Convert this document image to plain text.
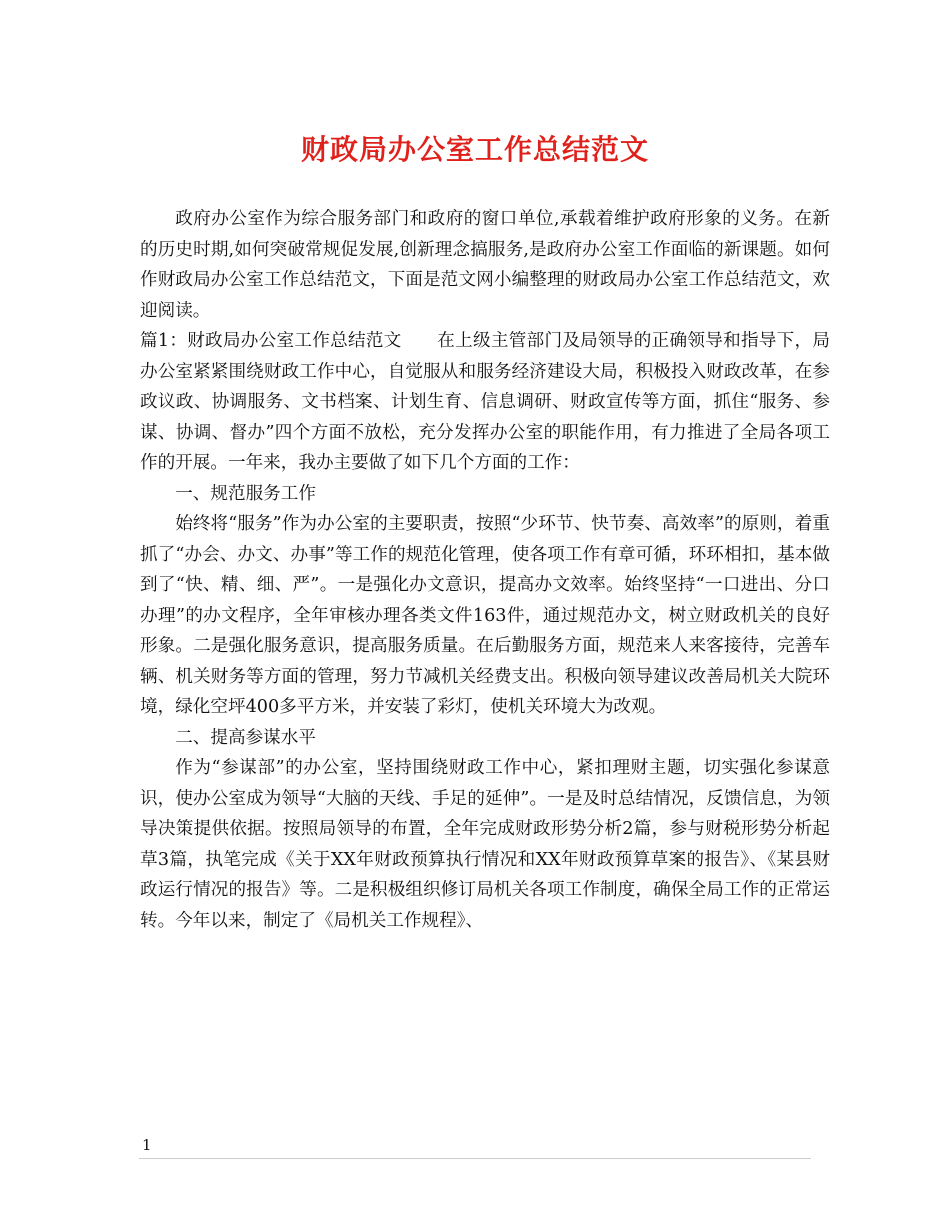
财政局办公室工作总结范文

政府办公室作为综合服务部门和政府的窗口单位,承载着维护政府形象的义务。在新的历史时期,如何突破常规促发展,创新理念搞服务,是政府办公室工作面临的新课题。如何作财政局办公室工作总结范文，下面是范文网小编整理的财政局办公室工作总结范文，欢迎阅读。

篇1：财政局办公室工作总结范文　　在上级主管部门及局领导的正确领导和指导下，局办公室紧紧围绕财政工作中心，自觉服从和服务经济建设大局，积极投入财政改革，在参政议政、协调服务、文书档案、计划生育、信息调研、财政宣传等方面，抓住“服务、参谋、协调、督办”四个方面不放松，充分发挥办公室的职能作用，有力推进了全局各项工作的开展。一年来，我办主要做了如下几个方面的工作：

一、规范服务工作

始终将“服务”作为办公室的主要职责，按照“少环节、快节奏、高效率”的原则，着重抓了“办会、办文、办事”等工作的规范化管理，使各项工作有章可循，环环相扣，基本做到了“快、精、细、严”。一是强化办文意识，提高办文效率。始终坚持“一口进出、分口办理”的办文程序，全年审核办理各类文件163件，通过规范办文，树立财政机关的良好形象。二是强化服务意识，提高服务质量。在后勤服务方面，规范来人来客接待，完善车辆、机关财务等方面的管理，努力节减机关经费支出。积极向领导建议改善局机关大院环境，绿化空坪400多平方米，并安装了彩灯，使机关环境大为改观。

二、提高参谋水平

作为“参谋部”的办公室，坚持围绕财政工作中心，紧扣理财主题，切实强化参谋意识，使办公室成为领导“大脑的天线、手足的延伸”。一是及时总结情况，反馈信息，为领导决策提供依据。按照局领导的布置，全年完成财政形势分析2篇，参与财税形势分析起草3篇，执笔完成《关于XX年财政预算执行情况和XX年财政预算草案的报告》、《某县财政运行情况的报告》等。二是积极组织修订局机关各项工作制度，确保全局工作的正常运转。今年以来，制定了《局机关工作规程》、

1
